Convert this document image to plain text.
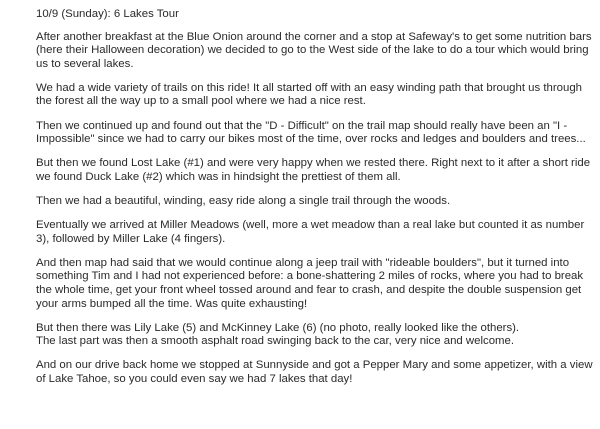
10/9 (Sunday): 6 Lakes Tour

After another breakfast at the Blue Onion around the corner and a stop at Safeway's to get some nutrition bars (here their Halloween decoration) we decided to go to the West side of the lake to do a tour which would bring us to several lakes.

We had a wide variety of trails on this ride! It all started off with an easy winding path that brought us through the forest all the way up to a small pool where we had a nice rest.

Then we continued up and found out that the "D - Difficult" on the trail map should really have been an "I - Impossible" since we had to carry our bikes most of the time, over rocks and ledges and boulders and trees...

But then we found Lost Lake (#1) and were very happy when we rested there. Right next to it after a short ride we found Duck Lake (#2) which was in hindsight the prettiest of them all.

Then we had a beautiful, winding, easy ride along a single trail through the woods.

Eventually we arrived at Miller Meadows (well, more a wet meadow than a real lake but counted it as number 3), followed by Miller Lake (4 fingers).

And then map had said that we would continue along a jeep trail with "rideable boulders", but it turned into something Tim and I had not experienced before: a bone-shattering 2 miles of rocks, where you had to break the whole time, get your front wheel tossed around and fear to crash, and despite the double suspension get your arms bumped all the time. Was quite exhausting!

But then there was Lily Lake (5) and McKinney Lake (6) (no photo, really looked like the others).
The last part was then a smooth asphalt road swinging back to the car, very nice and welcome.

And on our drive back home we stopped at Sunnyside and got a Pepper Mary and some appetizer, with a view of Lake Tahoe, so you could even say we had 7 lakes that day!
